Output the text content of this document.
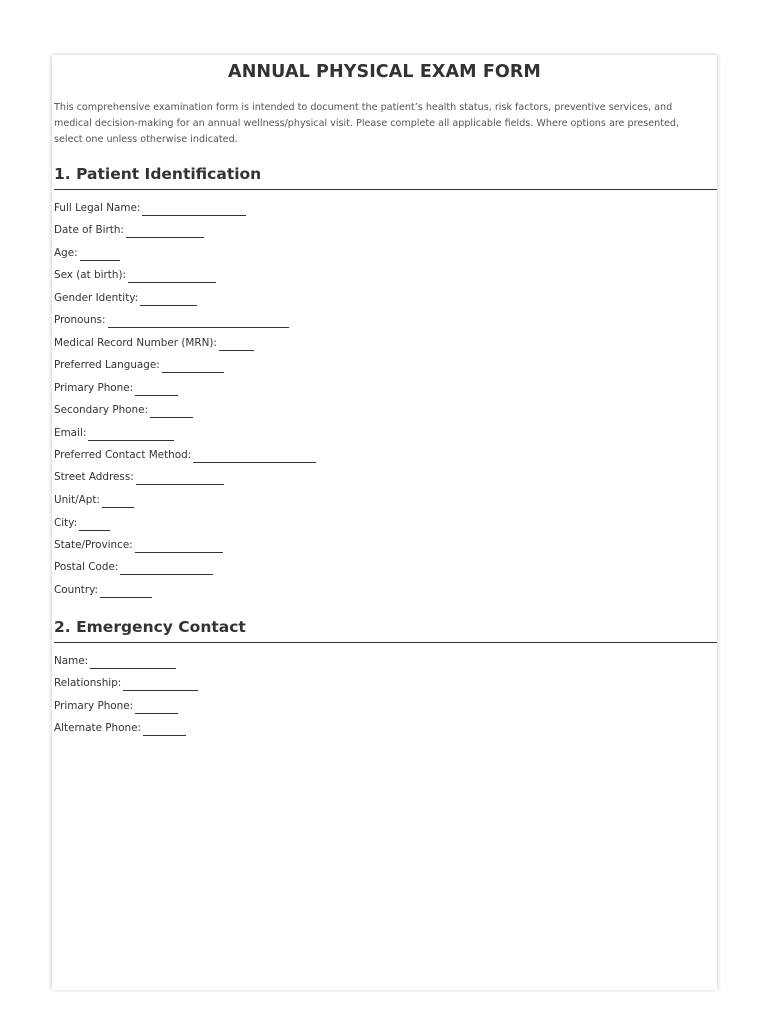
ANNUAL PHYSICAL EXAM FORM

This comprehensive examination form is intended to document the patient’s health status, risk factors, preventive services, and medical decision-making for an annual wellness/physical visit. Please complete all applicable fields. Where options are presented, select one unless otherwise indicated.

1. Patient Identification
Full Legal Name:
Date of Birth:
Age:
Sex (at birth):
Gender Identity:
Pronouns:
Medical Record Number (MRN):
Preferred Language:
Primary Phone:
Secondary Phone:
Email:
Preferred Contact Method:
Street Address:
Unit/Apt:
City:
State/Province:
Postal Code:
Country:
2. Emergency Contact
Name:
Relationship:
Primary Phone:
Alternate Phone:
